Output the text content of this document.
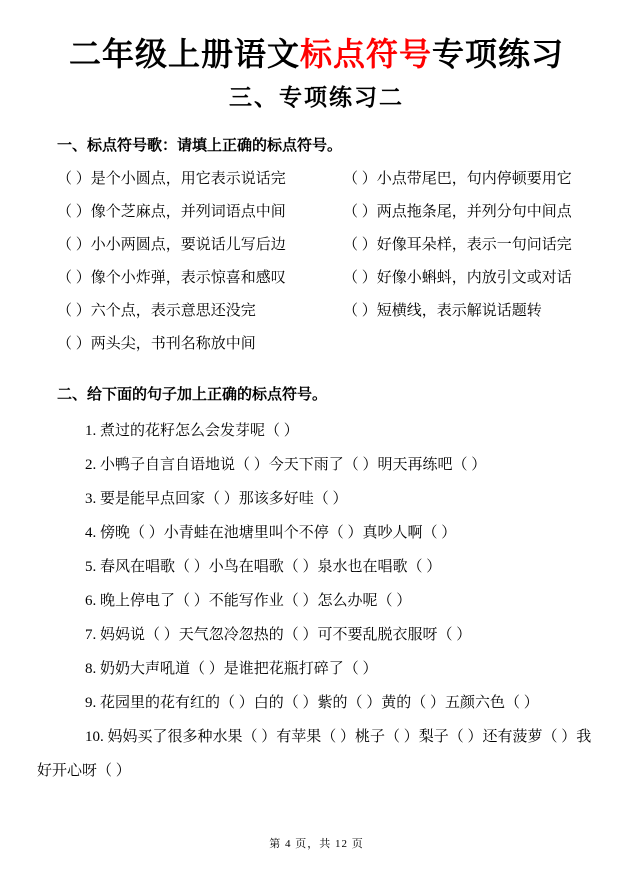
二年级上册语文标点符号专项练习
三、专项练习二
一、标点符号歌：请填上正确的标点符号。
（ ）是个小圆点，用它表示说话完
（ ）像个芝麻点，并列词语点中间
（ ）小小两圆点，要说话儿写后边
（ ）像个小炸弹，表示惊喜和感叹
（ ）六个点，表示意思还没完
（ ）两头尖，书刊名称放中间
（ ）小点带尾巴，句内停顿要用它
（ ）两点拖条尾，并列分句中间点
（ ）好像耳朵样，表示一句问话完
（ ）好像小蝌蚪，内放引文或对话
（ ）短横线，表示解说话题转
二、给下面的句子加上正确的标点符号。

1. 煮过的花籽怎么会发芽呢（ ）

2. 小鸭子自言自语地说（ ）今天下雨了（ ）明天再练吧（ ）

3. 要是能早点回家（ ）那该多好哇（ ）

4. 傍晚（ ）小青蛙在池塘里叫个不停（ ）真吵人啊（ ）

5. 春风在唱歌（ ）小鸟在唱歌（ ）泉水也在唱歌（ ）

6. 晚上停电了（ ）不能写作业（ ）怎么办呢（ ）

7. 妈妈说（ ）天气忽冷忽热的（ ）可不要乱脱衣服呀（ ）

8. 奶奶大声吼道（ ）是谁把花瓶打碎了（ ）

9. 花园里的花有红的（ ）白的（ ）紫的（ ）黄的（ ）五颜六色（ ）

10. 妈妈买了很多种水果（ ）有苹果（ ）桃子（ ）梨子（ ）还有菠萝（ ）我好开心呀（ ）

第 4 页，共 12 页
